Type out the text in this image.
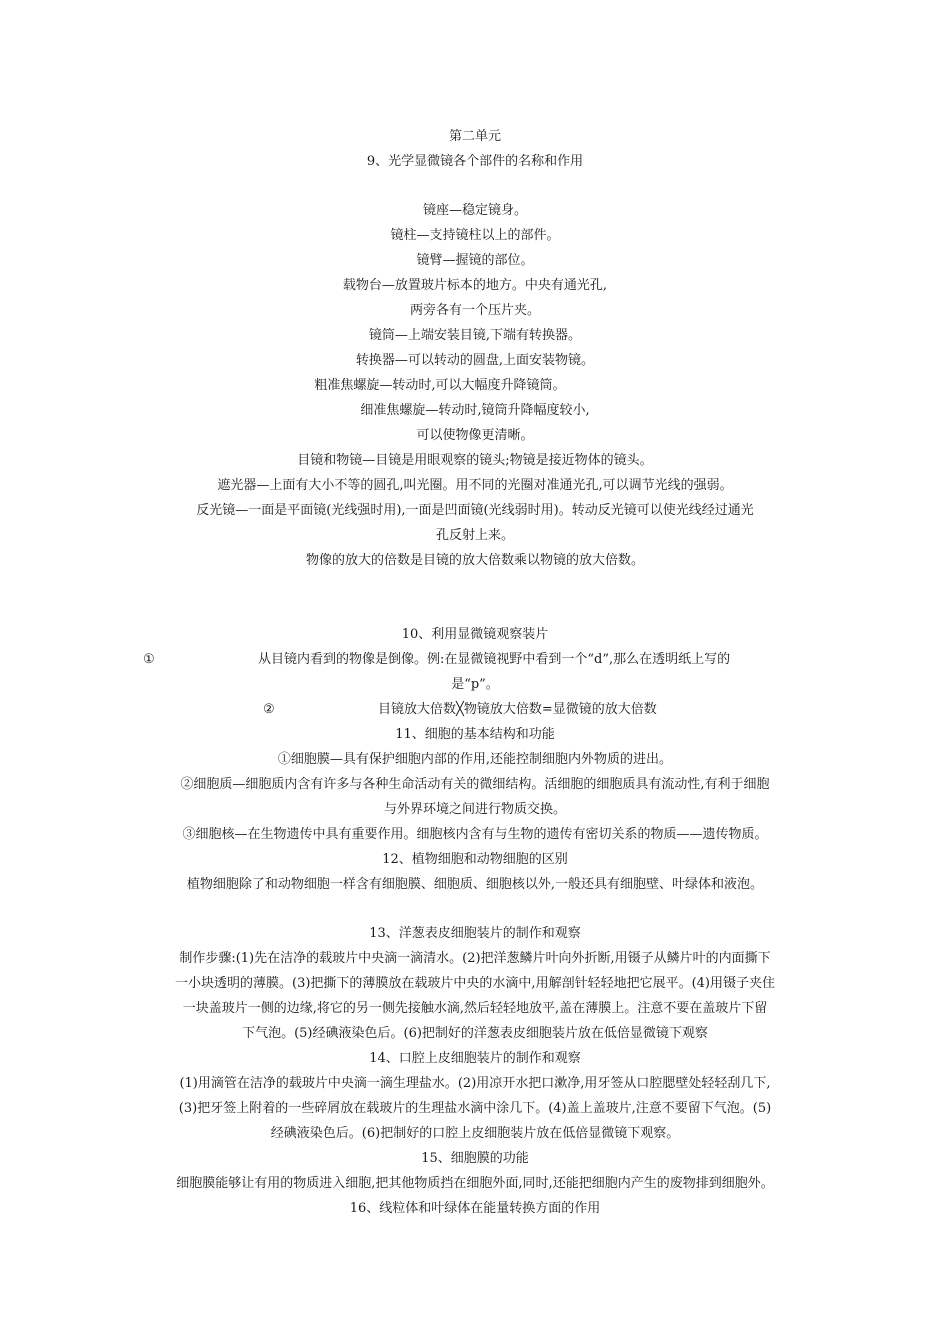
第二单元
9、光学显微镜各个部件的名称和作用
镜座—稳定镜身。
镜柱—支持镜柱以上的部件。
镜臂—握镜的部位。
载物台—放置玻片标本的地方。中央有通光孔,
两旁各有一个压片夹。
镜筒—上端安装目镜,下端有转换器。
转换器—可以转动的圆盘,上面安装物镜。
粗准焦螺旋—转动时,可以大幅度升降镜筒。
细准焦螺旋—转动时,镜筒升降幅度较小,
可以使物像更清晰。
目镜和物镜—目镜是用眼观察的镜头;物镜是接近物体的镜头。
遮光器—上面有大小不等的圆孔,叫光圈。用不同的光圈对准通光孔,可以调节光线的强弱。
反光镜—一面是平面镜(光线强时用),一面是凹面镜(光线弱时用)。转动反光镜可以使光线经过通光
孔反射上来。
物像的放大的倍数是目镜的放大倍数乘以物镜的放大倍数。
10、利用显微镜观察装片
①	从目镜内看到的物像是倒像。例:在显微镜视野中看到一个“d”,那么在透明纸上写的
是“p”。
②	目镜放大倍数╳物镜放大倍数=显微镜的放大倍数
11、细胞的基本结构和功能
①细胞膜—具有保护细胞内部的作用,还能控制细胞内外物质的进出。
②细胞质—细胞质内含有许多与各种生命活动有关的微细结构。活细胞的细胞质具有流动性,有利于细胞
与外界环境之间进行物质交换。
③细胞核—在生物遗传中具有重要作用。细胞核内含有与生物的遗传有密切关系的物质——遗传物质。
12、植物细胞和动物细胞的区别
植物细胞除了和动物细胞一样含有细胞膜、细胞质、细胞核以外,一般还具有细胞壁、叶绿体和液泡。
13、洋葱表皮细胞装片的制作和观察
制作步骤:(1)先在洁净的载玻片中央滴一滴清水。(2)把洋葱鳞片叶向外折断,用镊子从鳞片叶的内面撕下
一小块透明的薄膜。(3)把撕下的薄膜放在载玻片中央的水滴中,用解剖针轻轻地把它展平。(4)用镊子夹住
一块盖玻片一侧的边缘,将它的另一侧先接触水滴,然后轻轻地放平,盖在薄膜上。注意不要在盖玻片下留
下气泡。(5)经碘液染色后。(6)把制好的洋葱表皮细胞装片放在低倍显微镜下观察
14、口腔上皮细胞装片的制作和观察
(1)用滴管在洁净的载玻片中央滴一滴生理盐水。(2)用凉开水把口漱净,用牙签从口腔腮壁处轻轻刮几下,
(3)把牙签上附着的一些碎屑放在载玻片的生理盐水滴中涂几下。(4)盖上盖玻片,注意不要留下气泡。(5)
经碘液染色后。(6)把制好的口腔上皮细胞装片放在低倍显微镜下观察。
15、细胞膜的功能
细胞膜能够让有用的物质进入细胞,把其他物质挡在细胞外面,同时,还能把细胞内产生的废物排到细胞外。
16、线粒体和叶绿体在能量转换方面的作用
